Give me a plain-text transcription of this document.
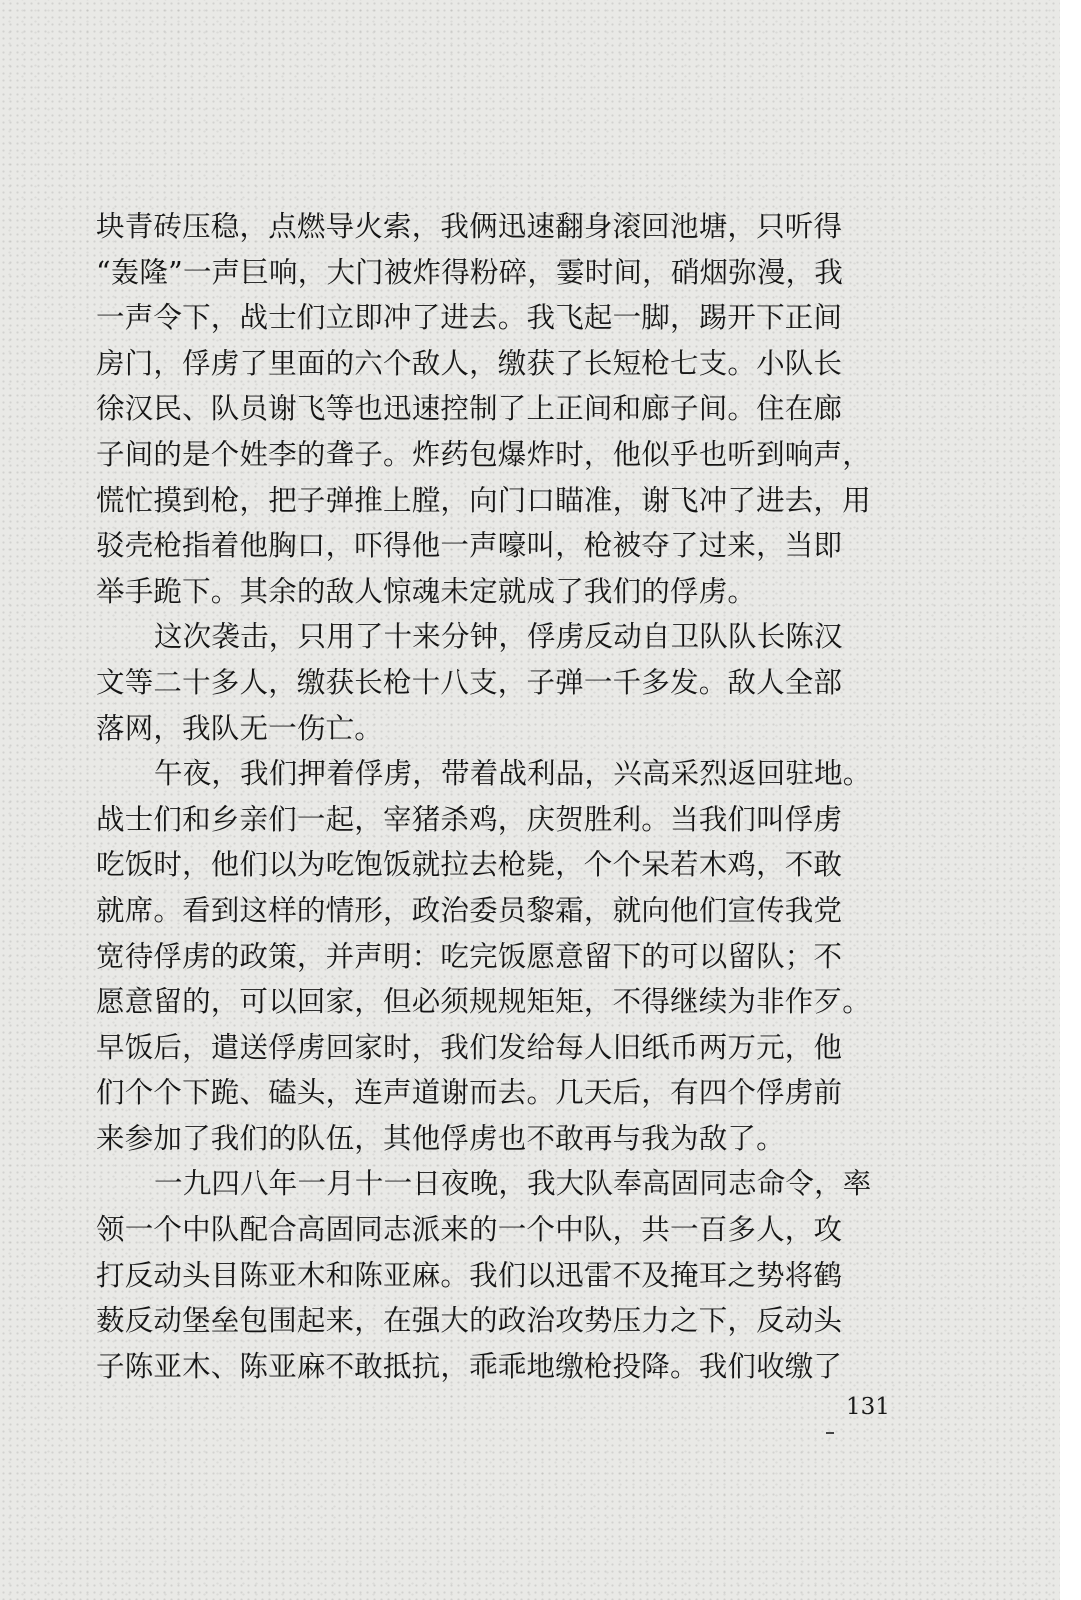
块青砖压稳，点燃导火索，我俩迅速翻身滚回池塘，只听得
“轰隆”一声巨响，大门被炸得粉碎，霎时间，硝烟弥漫，我
一声令下，战士们立即冲了进去。我飞起一脚，踢开下正间
房门，俘虏了里面的六个敌人，缴获了长短枪七支。小队长
徐汉民、队员谢飞等也迅速控制了上正间和廊子间。住在廊
子间的是个姓李的聋子。炸药包爆炸时，他似乎也听到响声，
慌忙摸到枪，把子弹推上膛，向门口瞄准，谢飞冲了进去，用
驳壳枪指着他胸口，吓得他一声嚎叫，枪被夺了过来，当即
举手跪下。其余的敌人惊魂未定就成了我们的俘虏。
这次袭击，只用了十来分钟，俘虏反动自卫队队长陈汉
文等二十多人，缴获长枪十八支，子弹一千多发。敌人全部
落网，我队无一伤亡。
午夜，我们押着俘虏，带着战利品，兴高采烈返回驻地。
战士们和乡亲们一起，宰猪杀鸡，庆贺胜利。当我们叫俘虏
吃饭时，他们以为吃饱饭就拉去枪毙，个个呆若木鸡，不敢
就席。看到这样的情形，政治委员黎霜，就向他们宣传我党
宽待俘虏的政策，并声明：吃完饭愿意留下的可以留队；不
愿意留的，可以回家，但必须规规矩矩，不得继续为非作歹。
早饭后，遣送俘虏回家时，我们发给每人旧纸币两万元，他
们个个下跪、磕头，连声道谢而去。几天后，有四个俘虏前
来参加了我们的队伍，其他俘虏也不敢再与我为敌了。
一九四八年一月十一日夜晚，我大队奉高固同志命令，率
领一个中队配合高固同志派来的一个中队，共一百多人，攻
打反动头目陈亚木和陈亚麻。我们以迅雷不及掩耳之势将鹤
薮反动堡垒包围起来，在强大的政治攻势压力之下，反动头
子陈亚木、陈亚麻不敢抵抗，乖乖地缴枪投降。我们收缴了
131
